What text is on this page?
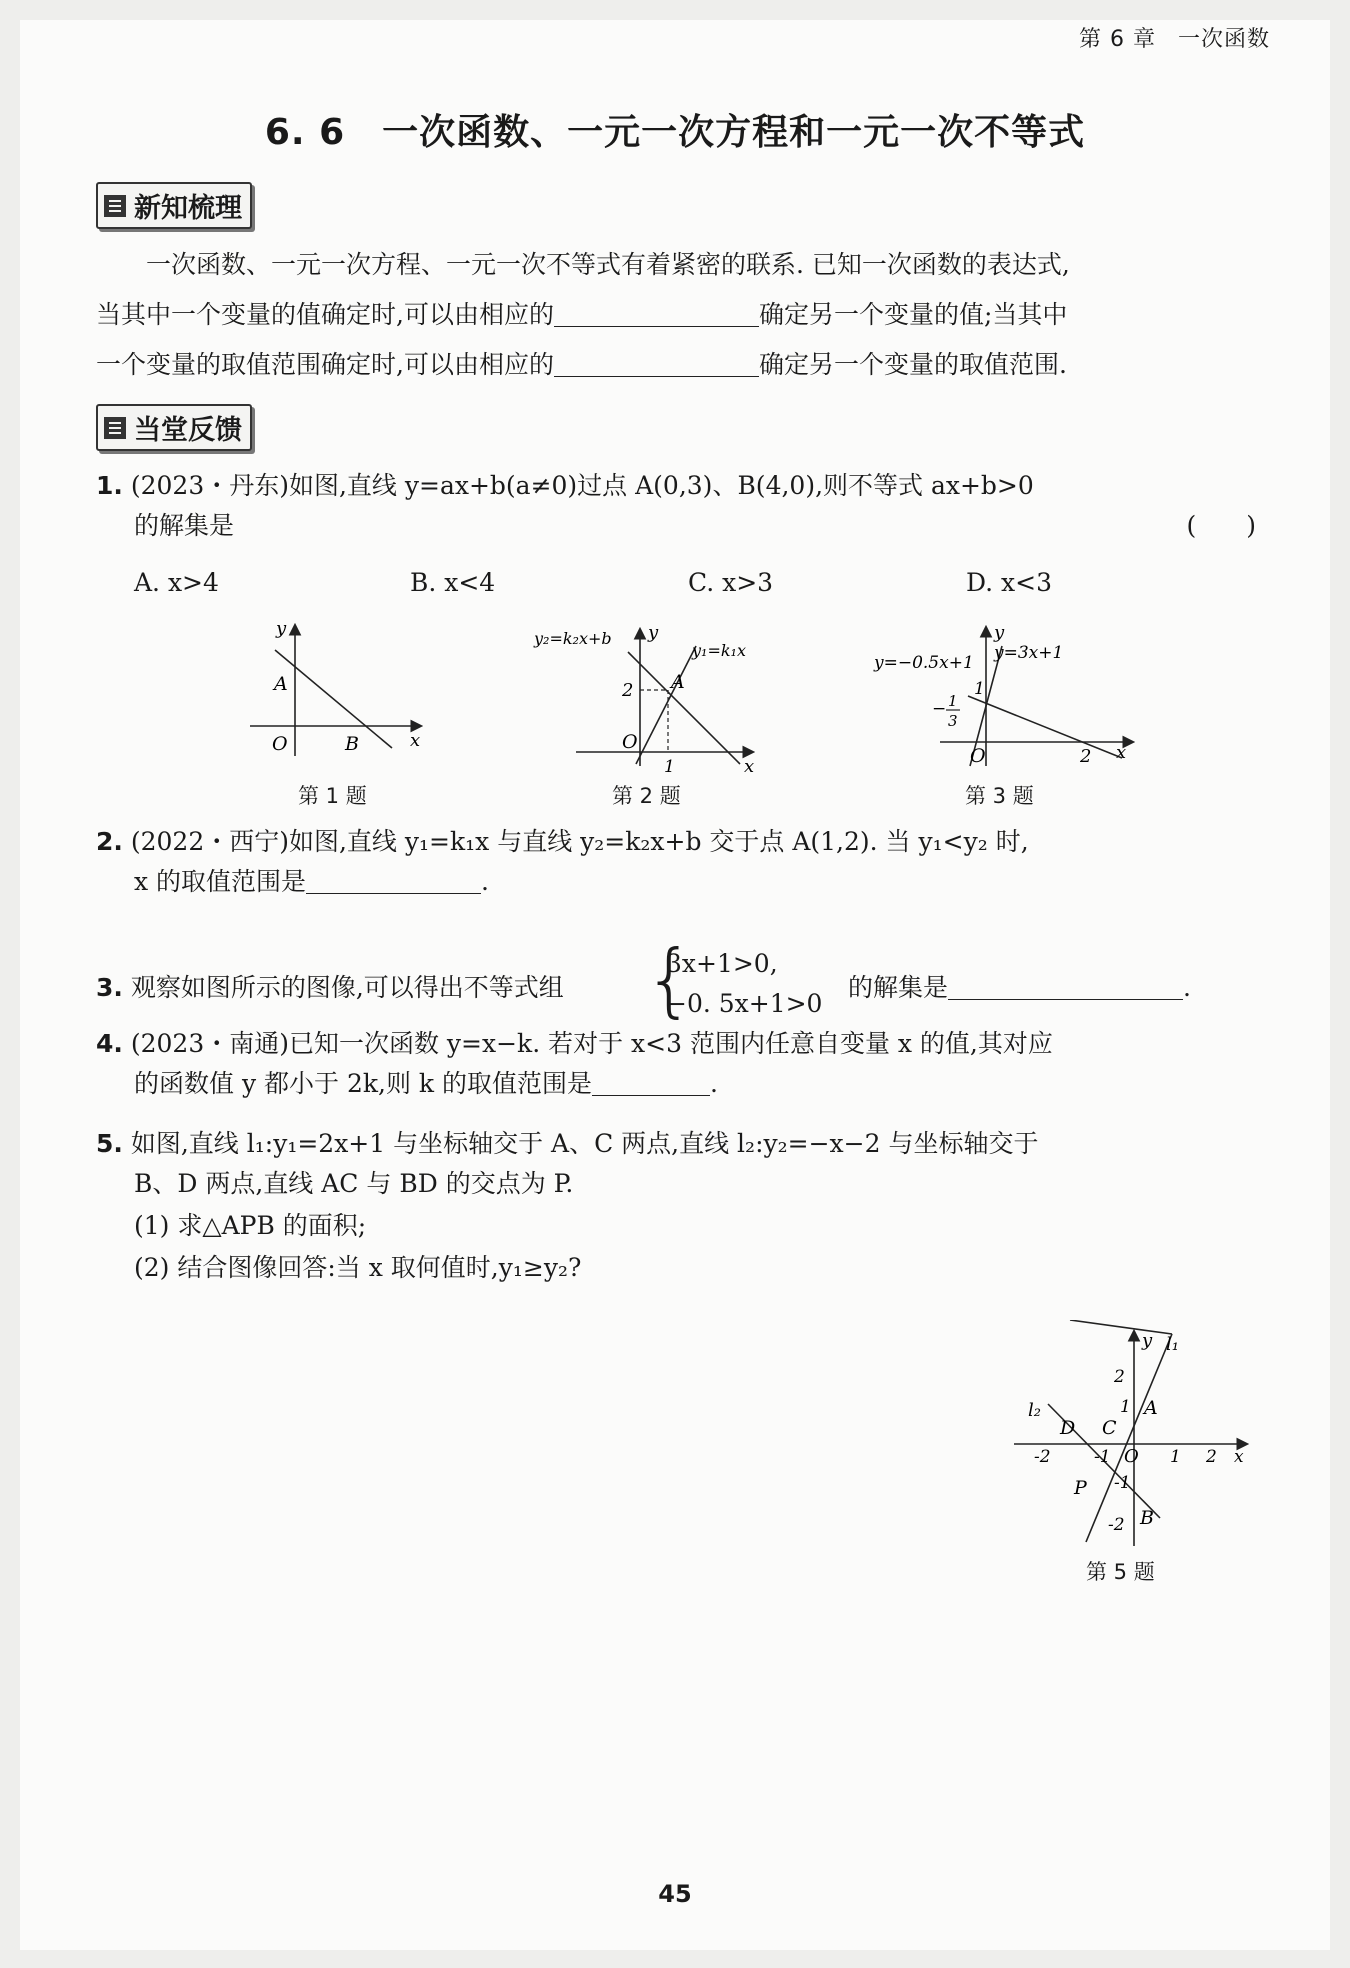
第 6 章 一次函数
6. 6　一次函数、一元一次方程和一元一次不等式
新知梳理
一次函数、一元一次方程、一元一次不等式有着紧密的联系. 已知一次函数的表达式,
当其中一个变量的值确定时,可以由相应的	确定另一个变量的值;当其中
一个变量的取值范围确定时,可以由相应的	确定另一个变量的取值范围.
当堂反馈
1. (2023・丹东)如图,直线 y=ax+b(a≠0)过点 A(0,3)、B(4,0),则不等式 ax+b>0
的解集是	(　　)
A. x>4	B. x<4	C. x>3	D. x<3
y
x
O
A
B
第 1 题
y₂=k₂x+b y
y₁=k₁x
A
2
O
1	x
第 2 题
y=−0.5x+1 y=3x+1
y
1
− 1
3
O	2 x
第 3 题
2. (2022・西宁)如图,直线 y₁=k₁x 与直线 y₂=k₂x+b 交于点 A(1,2). 当 y₁<y₂ 时,
x 的取值范围是	.
3. 观察如图所示的图像,可以得出不等式组 {
3x+1>0,
−0. 5x+1>0
的解集是	.
4. (2023・南通)已知一次函数 y=x−k. 若对于 x<3 范围内任意自变量 x 的值,其对应
的函数值 y 都小于 2k,则 k 的取值范围是	.
5. 如图,直线 l₁:y₁=2x+1 与坐标轴交于 A、C 两点,直线 l₂:y₂=−x−2 与坐标轴交于
B、D 两点,直线 AC 与 BD 的交点为 P.
(1) 求△APB 的面积;
(2) 结合图像回答:当 x 取何值时,y₁≥y₂?
y l₁
2
1 A
l₂
D C
-2	-1 O 1 2 x
P -1
-2 B
第 5 题
45
